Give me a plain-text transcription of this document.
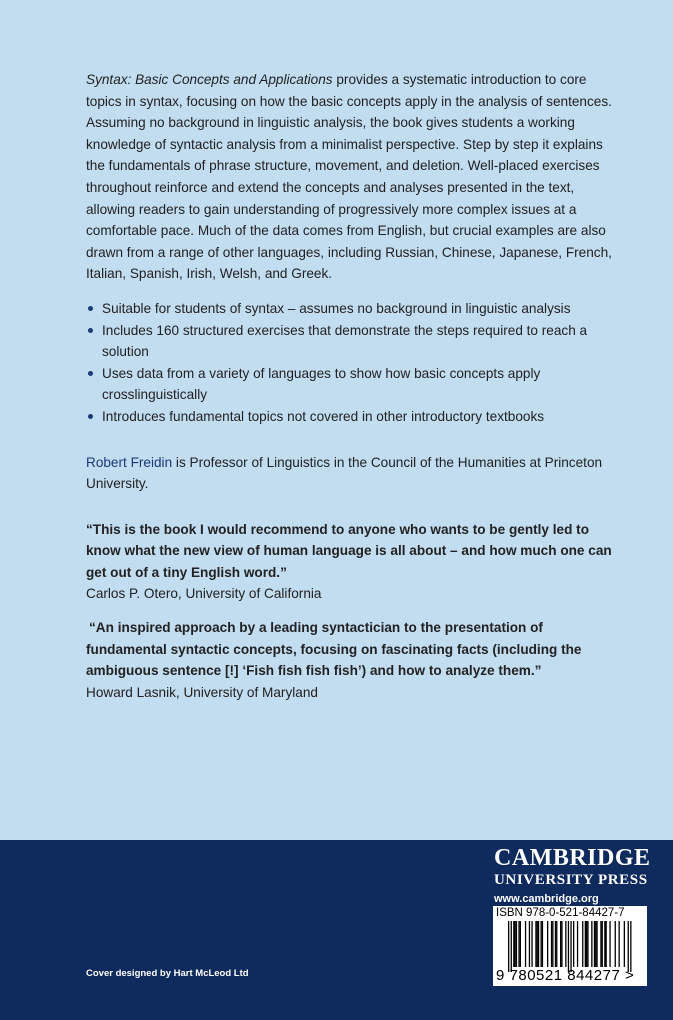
Syntax: Basic Concepts and Applications provides a systematic introduction to core topics in syntax, focusing on how the basic concepts apply in the analysis of sentences. Assuming no background in linguistic analysis, the book gives students a working knowledge of syntactic analysis from a minimalist perspective. Step by step it explains the fundamentals of phrase structure, movement, and deletion. Well-placed exercises throughout reinforce and extend the concepts and analyses presented in the text, allowing readers to gain understanding of progressively more complex issues at a comfortable pace. Much of the data comes from English, but crucial examples are also drawn from a range of other languages, including Russian, Chinese, Japanese, French, Italian, Spanish, Irish, Welsh, and Greek.

Suitable for students of syntax – assumes no background in linguistic analysis
Includes 160 structured exercises that demonstrate the steps required to reach a solution
Uses data from a variety of languages to show how basic concepts apply crosslinguistically
Introduces fundamental topics not covered in other introductory textbooks

Robert Freidin is Professor of Linguistics in the Council of the Humanities at Princeton University.

“This is the book I would recommend to anyone who wants to be gently led to know what the new view of human language is all about – and how much one can get out of a tiny English word.”

Carlos P. Otero, University of California

“An inspired approach by a leading syntactician to the presentation of fundamental syntactic concepts, focusing on fascinating facts (including the ambiguous sentence [!] ‘Fish fish fish fish’) and how to analyze them.”

Howard Lasnik, University of Maryland

Cover designed by Hart McLeod Ltd
CAMBRIDGE
UNIVERSITY PRESS
www.cambridge.org
ISBN 978-0-521-84427-7
9 780521 844277 >
